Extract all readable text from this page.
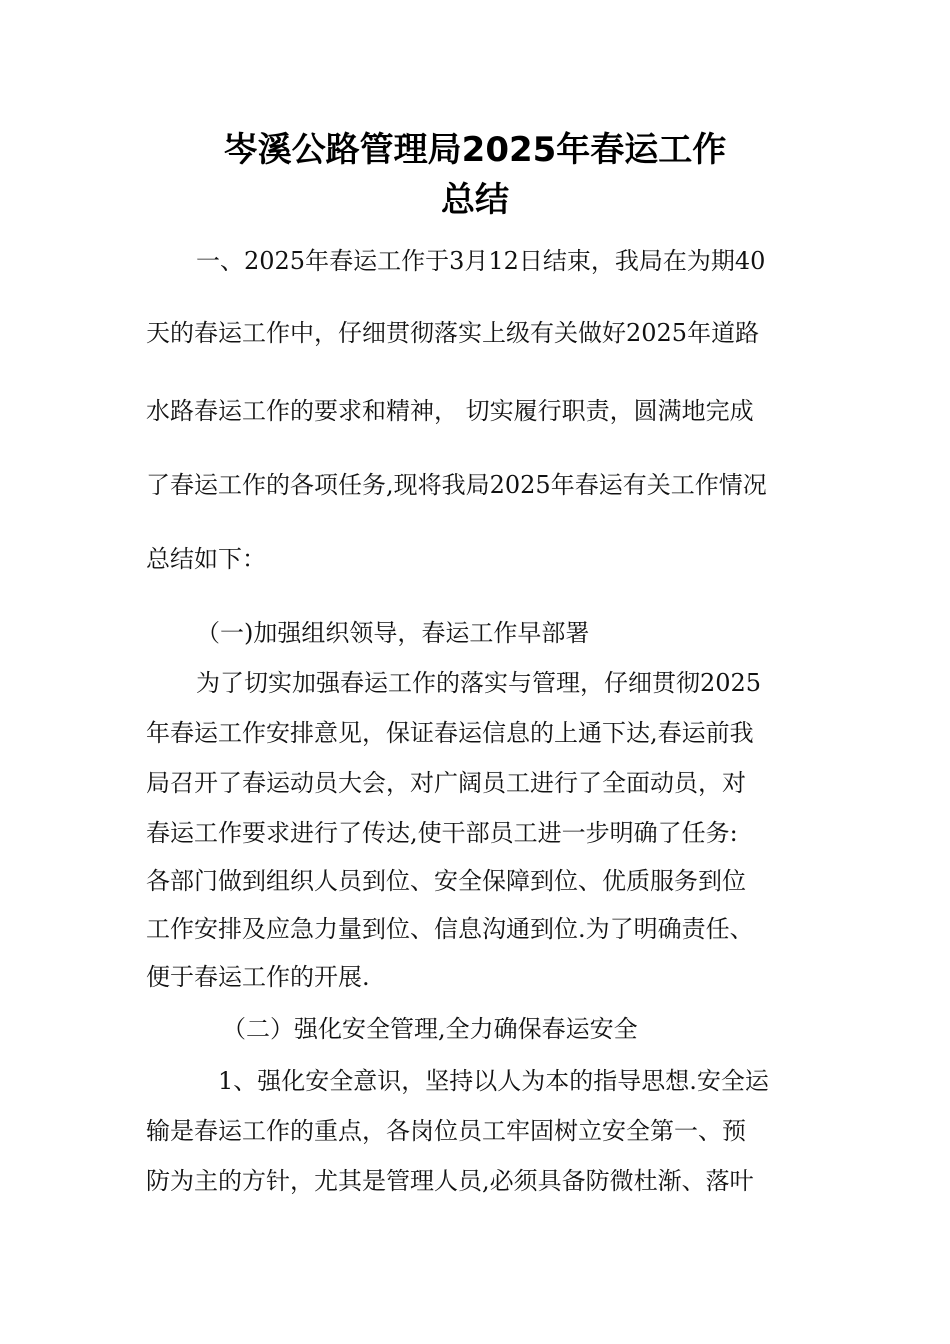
岑溪公路管理局2025年春运工作
总结
一、2025年春运工作于3月12日结束，我局在为期40
天的春运工作中，仔细贯彻落实上级有关做好2025年道路
水路春运工作的要求和精神， 切实履行职责，圆满地完成
了春运工作的各项任务,现将我局2025年春运有关工作情况
总结如下：
（一)加强组织领导，春运工作早部署
为了切实加强春运工作的落实与管理，仔细贯彻2025
年春运工作安排意见，保证春运信息的上通下达,春运前我
局召开了春运动员大会，对广阔员工进行了全面动员，对
春运工作要求进行了传达,使干部员工进一步明确了任务:
各部门做到组织人员到位、安全保障到位、优质服务到位
工作安排及应急力量到位、信息沟通到位.为了明确责任、
便于春运工作的开展.
（二）强化安全管理,全力确保春运安全
1、强化安全意识，坚持以人为本的指导思想.安全运
输是春运工作的重点，各岗位员工牢固树立安全第一、预
防为主的方针，尤其是管理人员,必须具备防微杜渐、落叶
